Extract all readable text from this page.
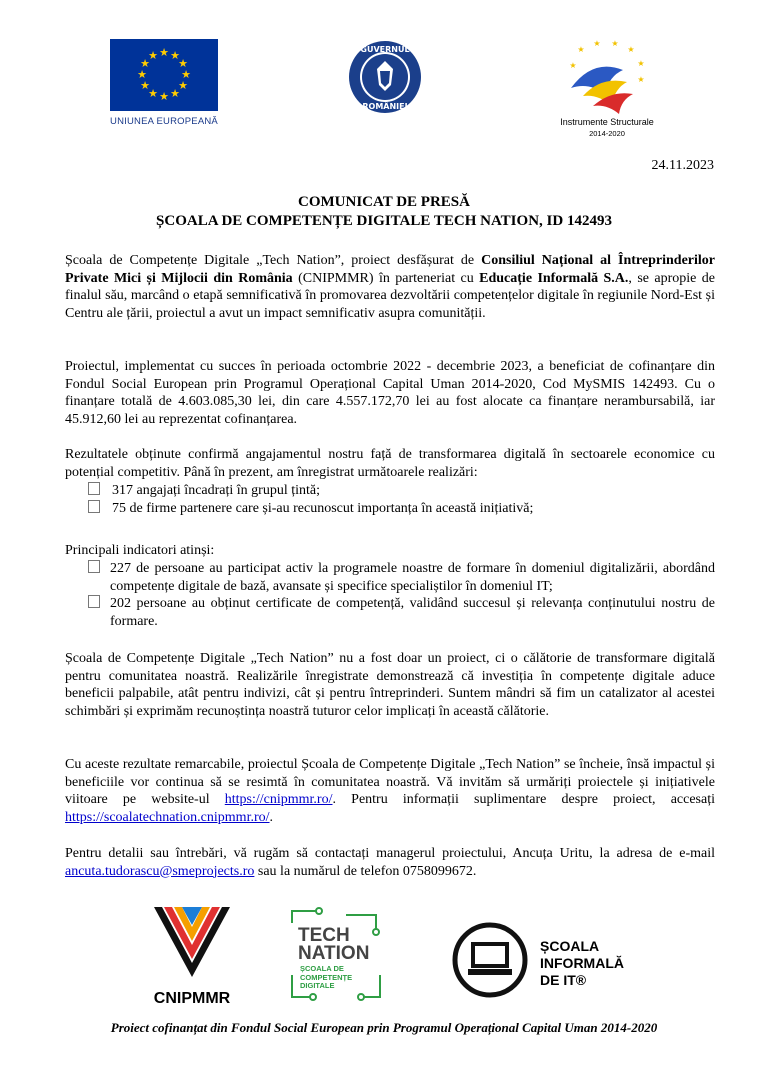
★ ★
★
★
★
★
★
★
★
★
★
★
UNIUNEA EUROPEANĂ
GUVERNUL
ROMÂNIEI
★
★ ★
★
★
★
★
Instrumente Structurale
2014-2020
24.11.2023
COMUNICAT DE PRESĂ
ȘCOALA DE COMPETENȚE DIGITALE TECH NATION, ID 142493
Școala de Competențe Digitale „Tech Nation”, proiect desfășurat de Consiliul Național al Întreprinderilor Private Mici și Mijlocii din România (CNIPMMR) în parteneriat cu Educație Informală S.A., se apropie de finalul său, marcând o etapă semnificativă în promovarea dezvoltării competențelor digitale în regiunile Nord-Est și Centru ale țării, proiectul a avut un impact semnificativ asupra comunității.
Proiectul, implementat cu succes în perioada octombrie 2022 - decembrie 2023, a beneficiat de cofinanțare din Fondul Social European prin Programul Operațional Capital Uman 2014-2020, Cod MySMIS 142493. Cu o finanțare totală de 4.603.085,30 lei, din care 4.557.172,70 lei au fost alocate ca finanțare nerambursabilă, iar 45.912,60 lei au reprezentat cofinanțarea.
Rezultatele obținute confirmă angajamentul nostru față de transformarea digitală în sectoarele economice cu potențial competitiv. Până în prezent, am înregistrat următoarele realizări:
317 angajați încadrați în grupul țintă;
75 de firme partenere care și-au recunoscut importanța în această inițiativă;
Principali indicatori atinși:
227 de persoane au participat activ la programele noastre de formare în domeniul digitalizării, abordând competențe digitale de bază, avansate și specifice specialiștilor în domeniul IT;
202 persoane au obținut certificate de competență, validând succesul și relevanța conținutului nostru de formare.
Școala de Competențe Digitale „Tech Nation” nu a fost doar un proiect, ci o călătorie de transformare digitală pentru comunitatea noastră. Realizările înregistrate demonstrează că investiția în competențe digitale aduce beneficii palpabile, atât pentru indivizi, cât și pentru întreprinderi. Suntem mândri să fim un catalizator al acestei schimbări și exprimăm recunoștința noastră tuturor celor implicați în această călătorie.
Cu aceste rezultate remarcabile, proiectul Școala de Competențe Digitale „Tech Nation” se încheie, însă impactul și beneficiile vor continua să se resimtă în comunitatea noastră. Vă invităm să urmăriți proiectele și inițiativele viitoare pe website-ul https://cnipmmr.ro/. Pentru informații suplimentare despre proiect, accesați https://scoalatechnation.cnipmmr.ro/.
Pentru detalii sau întrebări, vă rugăm să contactați managerul proiectului, Ancuța Uritu, la adresa de e-mail ancuta.tudorascu@smeprojects.ro sau la numărul de telefon 0758099672.
CNIPMMR
TECH
NATION
ȘCOALA DE
COMPETENȚE
DIGITALE
ȘCOALA
INFORMALĂ
DE IT®
Proiect cofinanțat din Fondul Social European prin Programul Operațional Capital Uman 2014-2020
